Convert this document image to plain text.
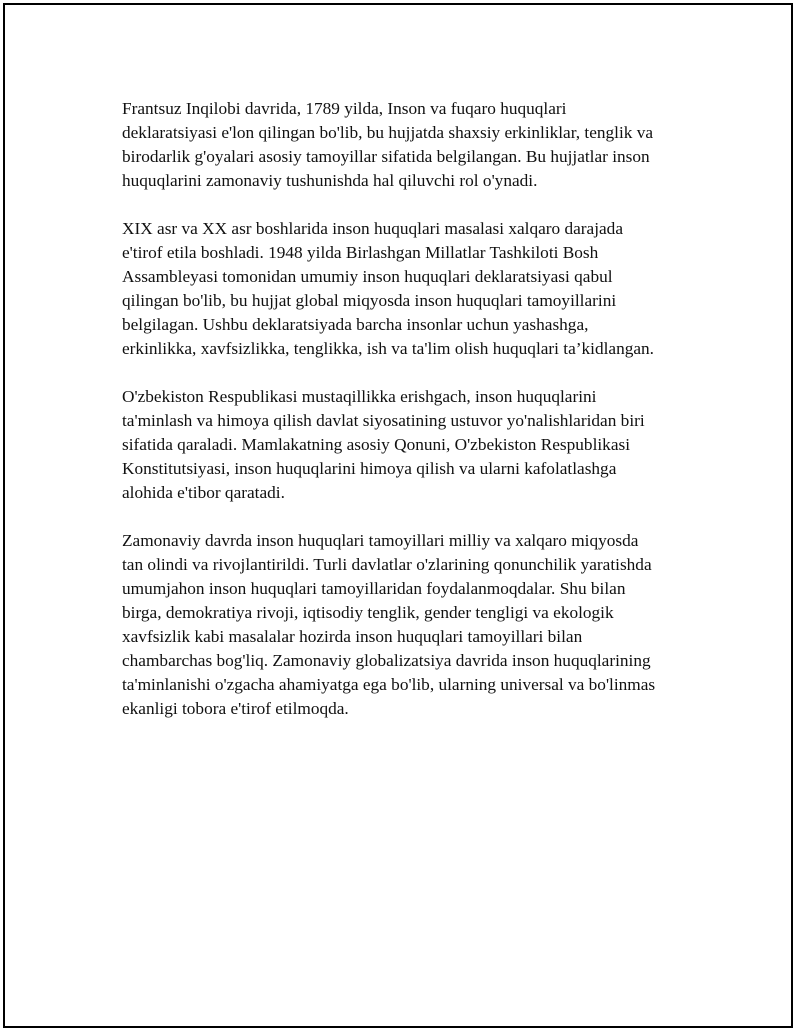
Frantsuz Inqilobi davrida, 1789 yilda, Inson va fuqaro huquqlari
deklaratsiyasi e'lon qilingan bo'lib, bu hujjatda shaxsiy erkinliklar, tenglik va
birodarlik g'oyalari asosiy tamoyillar sifatida belgilangan. Bu hujjatlar inson
huquqlarini zamonaviy tushunishda hal qiluvchi rol o'ynadi.

XIX asr va XX asr boshlarida inson huquqlari masalasi xalqaro darajada
e'tirof etila boshladi. 1948 yilda Birlashgan Millatlar Tashkiloti Bosh
Assambleyasi tomonidan umumiy inson huquqlari deklaratsiyasi qabul
qilingan bo'lib, bu hujjat global miqyosda inson huquqlari tamoyillarini
belgilagan. Ushbu deklaratsiyada barcha insonlar uchun yashashga,
erkinlikka, xavfsizlikka, tenglikka, ish va ta'lim olish huquqlari ta’kidlangan.

O'zbekiston Respublikasi mustaqillikka erishgach, inson huquqlarini
ta'minlash va himoya qilish davlat siyosatining ustuvor yo'nalishlaridan biri
sifatida qaraladi. Mamlakatning asosiy Qonuni, O'zbekiston Respublikasi
Konstitutsiyasi, inson huquqlarini himoya qilish va ularni kafolatlashga
alohida e'tibor qaratadi.

Zamonaviy davrda inson huquqlari tamoyillari milliy va xalqaro miqyosda
tan olindi va rivojlantirildi. Turli davlatlar o'zlarining qonunchilik yaratishda
umumjahon inson huquqlari tamoyillaridan foydalanmoqdalar. Shu bilan
birga, demokratiya rivoji, iqtisodiy tenglik, gender tengligi va ekologik
xavfsizlik kabi masalalar hozirda inson huquqlari tamoyillari bilan
chambarchas bog'liq. Zamonaviy globalizatsiya davrida inson huquqlarining
ta'minlanishi o'zgacha ahamiyatga ega bo'lib, ularning universal va bo'linmas
ekanligi tobora e'tirof etilmoqda.
